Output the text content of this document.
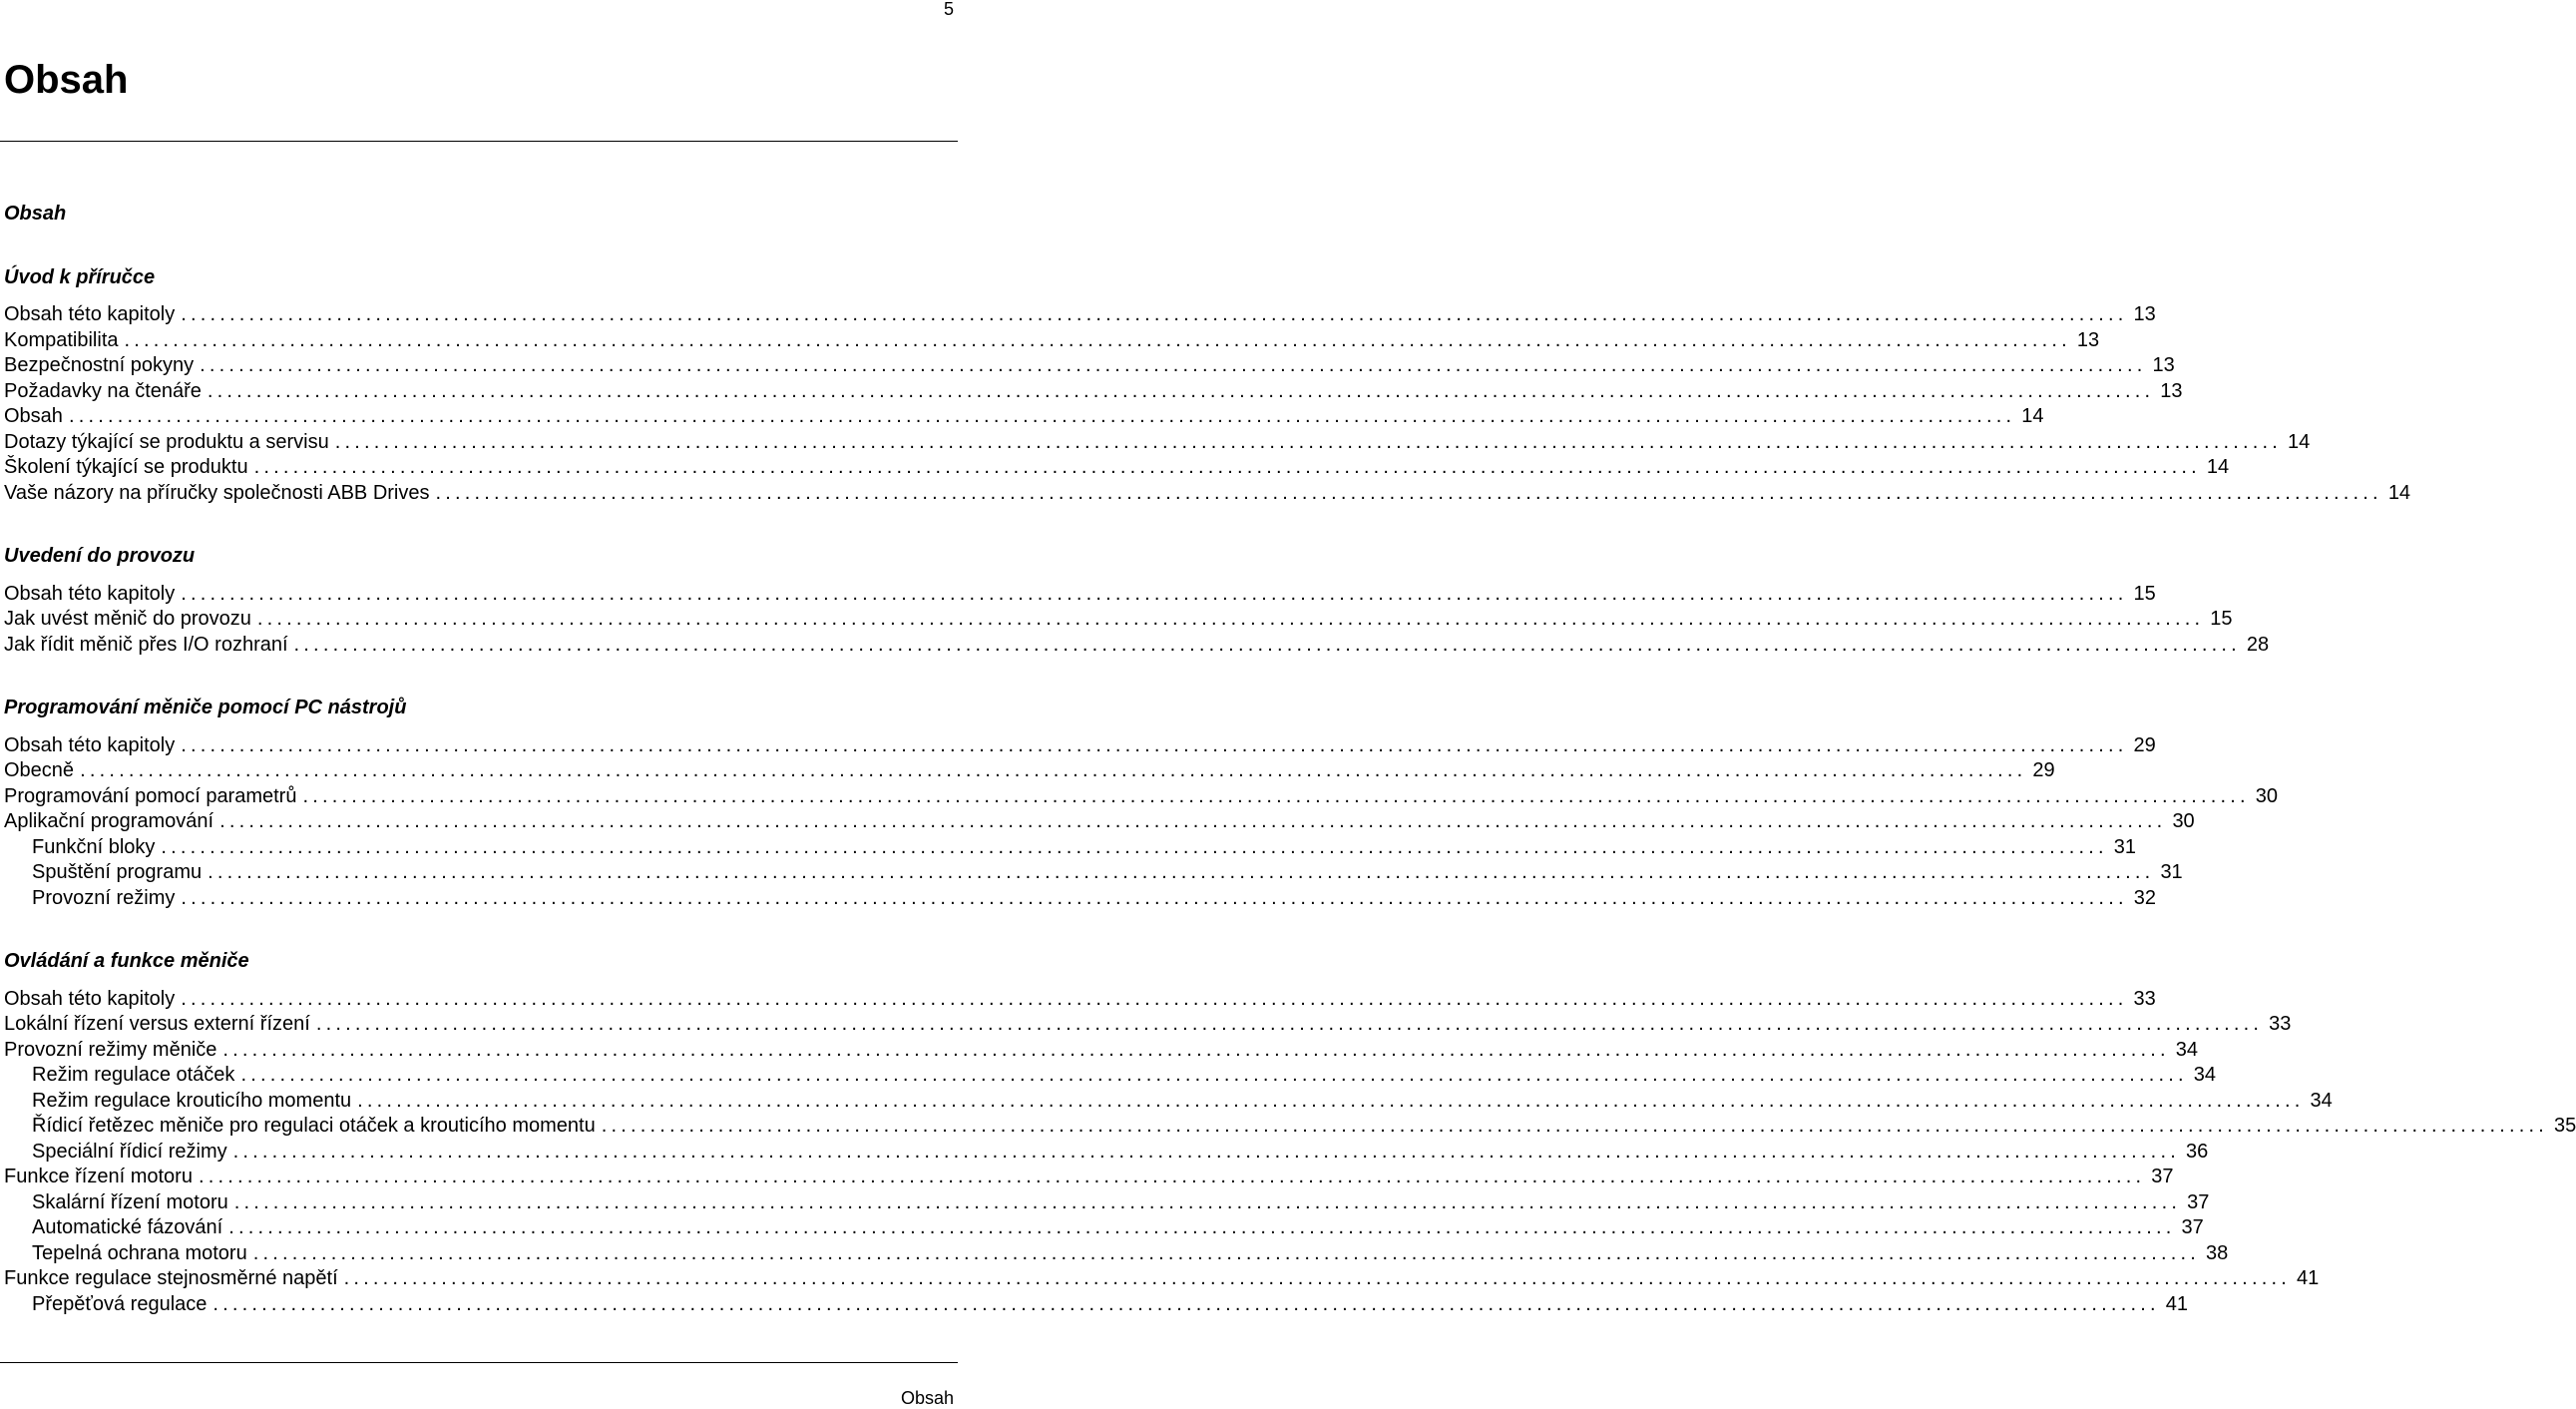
5
Obsah
Obsah
Úvod k příručce
Obsah této kapitoly ........................................................................................................................................................................................................ 13
Kompatibilita ........................................................................................................................................................................................................ 13
Bezpečnostní pokyny ........................................................................................................................................................................................................ 13
Požadavky na čtenáře ........................................................................................................................................................................................................ 13
Obsah ........................................................................................................................................................................................................ 14
Dotazy týkající se produktu a servisu ........................................................................................................................................................................................................ 14
Školení týkající se produktu ........................................................................................................................................................................................................ 14
Vaše názory na příručky společnosti ABB Drives ........................................................................................................................................................................................................ 14
Uvedení do provozu
Obsah této kapitoly ........................................................................................................................................................................................................ 15
Jak uvést měnič do provozu ........................................................................................................................................................................................................ 15
Jak řídit měnič přes I/O rozhraní ........................................................................................................................................................................................................ 28
Programování měniče pomocí PC nástrojů
Obsah této kapitoly ........................................................................................................................................................................................................ 29
Obecně ........................................................................................................................................................................................................ 29
Programování pomocí parametrů ........................................................................................................................................................................................................ 30
Aplikační programování ........................................................................................................................................................................................................ 30
Funkční bloky ........................................................................................................................................................................................................ 31
Spuštění programu ........................................................................................................................................................................................................ 31
Provozní režimy ........................................................................................................................................................................................................ 32
Ovládání a funkce měniče
Obsah této kapitoly ........................................................................................................................................................................................................ 33
Lokální řízení versus externí řízení ........................................................................................................................................................................................................ 33
Provozní režimy měniče ........................................................................................................................................................................................................ 34
Režim regulace otáček ........................................................................................................................................................................................................ 34
Režim regulace krouticího momentu ........................................................................................................................................................................................................ 34
Řídicí řetězec měniče pro regulaci otáček a krouticího momentu ........................................................................................................................................................................................................ 35
Speciální řídicí režimy ........................................................................................................................................................................................................ 36
Funkce řízení motoru ........................................................................................................................................................................................................ 37
Skalární řízení motoru ........................................................................................................................................................................................................ 37
Automatické fázování ........................................................................................................................................................................................................ 37
Tepelná ochrana motoru ........................................................................................................................................................................................................ 38
Funkce regulace stejnosměrné napětí ........................................................................................................................................................................................................ 41
Přepěťová regulace ........................................................................................................................................................................................................ 41
Obsah
